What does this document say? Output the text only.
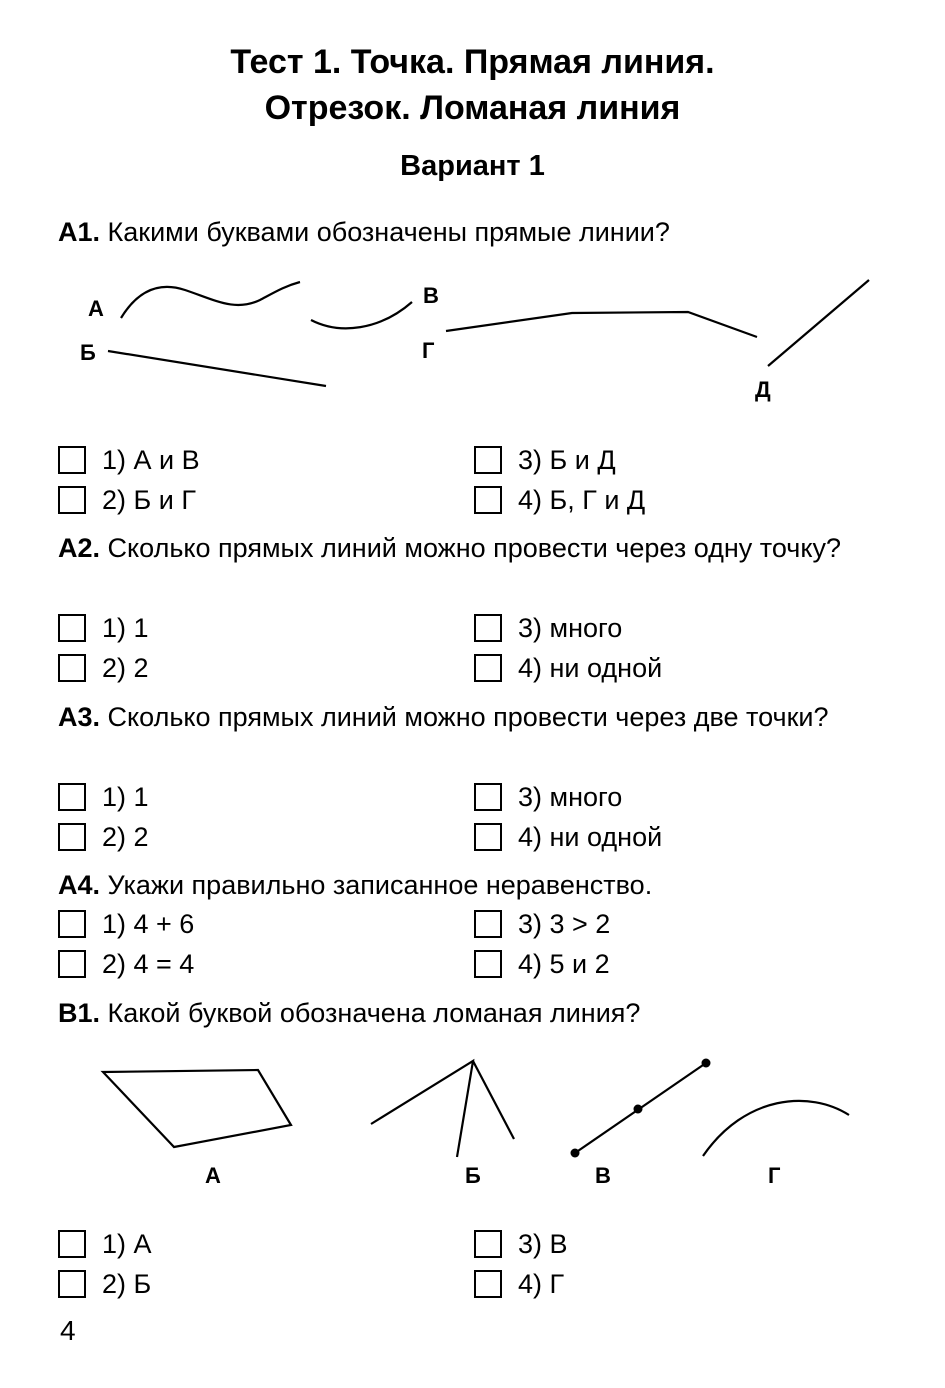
Тест 1. Точка. Прямая линия.
Отрезок. Ломаная линия
Вариант 1
А1. Какими буквами обозначены прямые линии?
А
В
Б	Г
Д
А	Б	В	Г
1) А и В
2) Б и Г
3) Б и Д
4) Б, Г и Д
А2. Сколько прямых линий можно провести через одну точку?
1) 1
2) 2
3) много
4) ни одной
А3. Сколько прямых линий можно провести через две точки?
1) 1
2) 2
3) много
4) ни одной
А4. Укажи правильно записанное неравенство.
1) 4 + 6
2) 4 = 4
3) 3 > 2
4) 5 и 2
В1. Какой буквой обозначена ломаная линия?
1) А
2) Б
3) В
4) Г
4
